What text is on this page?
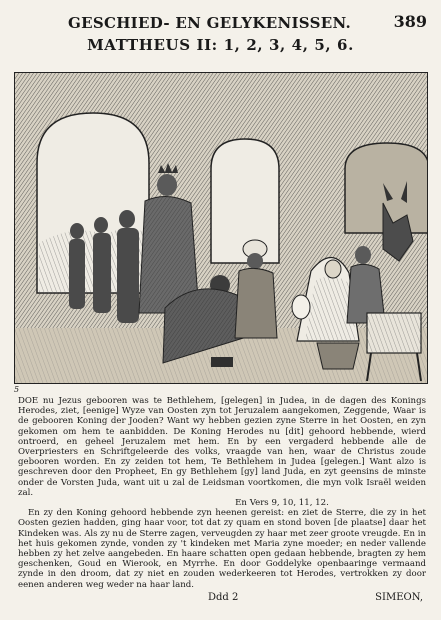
GESCHIED- EN GELYKENISSEN.	389
MATTHEUS II: 1, 2, 3, 4, 5, 6.
5

DOE nu Jezus gebooren was te Bethlehem, [gelegen] in Judea, in de dagen des Konings Herodes, ziet, [eenige] Wyze van Oosten zyn tot Jeruzalem aangekomen, Zeggende, Waar is de gebooren Koning der Jooden? Want wy hebben gezien zyne Sterre in het Oosten, en zyn gekomen om hem te aanbidden. De Koning Herodes nu [dit] gehoord hebbende, wierd ontroerd, en geheel Jeruzalem met hem. En by een vergaderd hebbende alle de Overpriesters en Schriftgeleerde des volks, vraagde van hen, waar de Christus zoude gebooren worden. En zy zeiden tot hem, Te Bethlehem in Judea [gelegen.] Want alzo is geschreven door den Propheet, En gy Bethlehem [gy] land Juda, en zyt geensins de minste onder de Vorsten Juda, want uit u zal de Leidsman voortkomen, die myn volk Israël weiden zal.

En Vers 9, 10, 11, 12.

En zy den Koning gehoord hebbende zyn heenen gereist: en ziet de Sterre, die zy in het Oosten gezien hadden, ging haar voor, tot dat zy quam en stond boven [de plaatse] daar het Kindeken was. Als zy nu de Sterre zagen, verveugden zy haar met zeer groote vreugde. En in het huis gekomen zynde, vonden zy 't kindeken met Maria zyne moeder; en neder vallende hebben zy het zelve aangebeden. En haare schatten open gedaan hebbende, bragten zy hem geschenken, Goud en Wierook, en Myrrhe. En door Goddelyke openbaaringe vermaand zynde in den droom, dat zy niet en zouden wederkeeren tot Herodes, vertrokken zy door eenen anderen weg weder na haar land.

Ddd 2	SIMEON,
